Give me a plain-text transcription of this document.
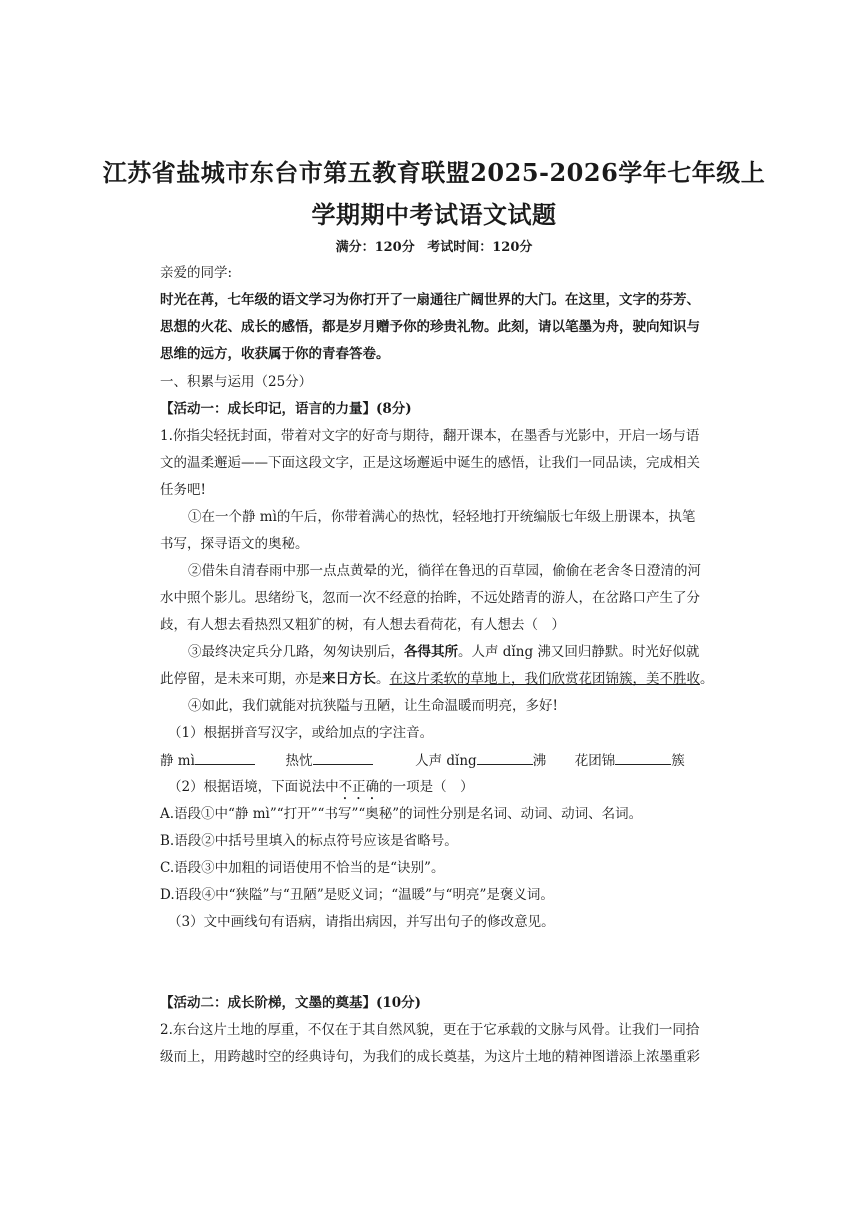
江苏省盐城市东台市第五教育联盟2025-2026学年七年级上
学期期中考试语文试题
满分：120分 考试时间：120分
亲爱的同学:
时光在苒，七年级的语文学习为你打开了一扇通往广阔世界的大门。在这里，文字的芬芳、
思想的火花、成长的感悟，都是岁月赠予你的珍贵礼物。此刻，请以笔墨为舟，驶向知识与
思维的远方，收获属于你的青春答卷。
一、积累与运用（25分）
【活动一：成长印记，语言的力量】(8分)
1.你指尖轻抚封面，带着对文字的好奇与期待，翻开课本，在墨香与光影中，开启一场与语
文的温柔邂逅——下面这段文字，正是这场邂逅中诞生的感悟，让我们一同品读，完成相关
任务吧!
①在一个静 mì的午后，你带着满心的热忱，轻轻地打开统编版七年级上册课本，执笔
书写，探寻语文的奥秘。
②借朱自清春雨中那一点点黄晕的光，徜徉在鲁迅的百草园，偷偷在老舍冬日澄清的河
水中照个影儿。思绪纷飞，忽而一次不经意的抬眸，不远处踏青的游人，在岔路口产生了分
歧，有人想去看热烈又粗犷的树，有人想去看荷花，有人想去（　）
③最终决定兵分几路，匆匆诀别后，各得其所。人声 dǐng 沸又回归静默。时光好似就
此停留，是未来可期，亦是来日方长。在这片柔软的草地上，我们欣赏花团锦簇，美不胜收。
④如此，我们就能对抗狭隘与丑陋，让生命温暖而明亮，多好!
（1）根据拼音写汉字，或给加点的字注音。
静 mì	热忱	人声 dǐng	沸 花团锦	簇
（2）根据语境，下面说法中不正确的一项是（　）
A.语段①中“静 mì”“打开”“书写”“奥秘”的词性分别是名词、动词、动词、名词。
B.语段②中括号里填入的标点符号应该是省略号。
C.语段③中加粗的词语使用不恰当的是“诀别”。
D.语段④中“狭隘”与“丑陋”是贬义词；“温暖”与“明亮”是褒义词。
（3）文中画线句有语病，请指出病因，并写出句子的修改意见。
【活动二：成长阶梯，文墨的奠基】(10分)
2.东台这片土地的厚重，不仅在于其自然风貌，更在于它承载的文脉与风骨。让我们一同拾
级而上，用跨越时空的经典诗句，为我们的成长奠基，为这片土地的精神图谱添上浓墨重彩
